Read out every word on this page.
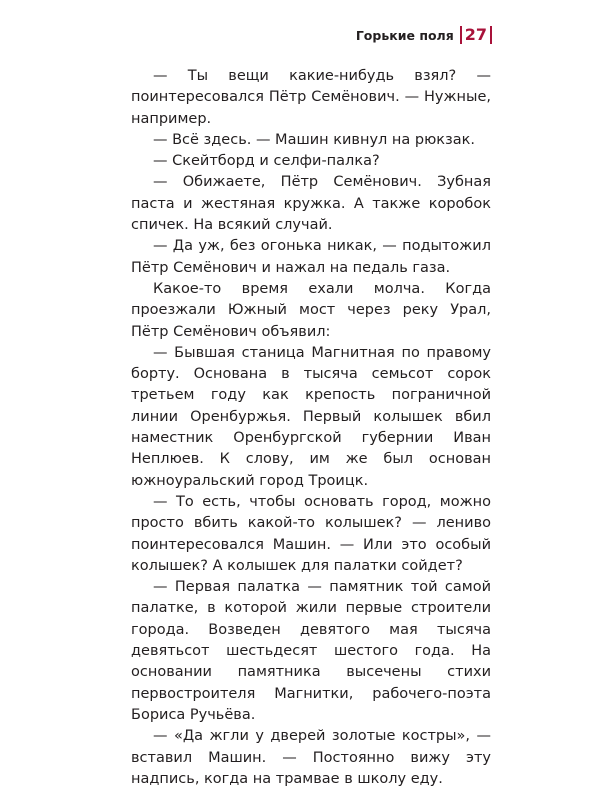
Горькие поля 27

— Ты вещи какие-нибудь взял? — поинтересовался Пётр Семёнович. — Нужные, например.

— Всё здесь. — Машин кивнул на рюкзак.

— Скейтборд и селфи-палка?

— Обижаете, Пётр Семёнович. Зубная паста и жестяная кружка. А также коробок спичек. На всякий случай.

— Да уж, без огонька никак, — подытожил Пётр Семёнович и нажал на педаль газа.

Какое-то время ехали молча. Когда проезжали Южный мост через реку Урал, Пётр Семёнович объявил:

— Бывшая станица Магнитная по правому борту. Основана в тысяча семьсот сорок третьем году как крепость пограничной линии Оренбуржья. Первый колышек вбил наместник Оренбургской губернии Иван Неплюев. К слову, им же был основан южноуральский город Троицк.

— То есть, чтобы основать город, можно просто вбить какой-то колышек? — лениво поинтересовался Машин. — Или это особый колышек? А колышек для палатки сойдет?

— Первая палатка — памятник той самой палатке, в которой жили первые строители города. Возведен девятого мая тысяча девятьсот шестьдесят шестого года. На основании памятника высечены стихи первостроителя Магнитки, рабочего-поэта Бориса Ручьёва.

— «Да жгли у дверей золотые костры», — вставил Машин. — Постоянно вижу эту надпись, когда на трамвае в школу еду.
